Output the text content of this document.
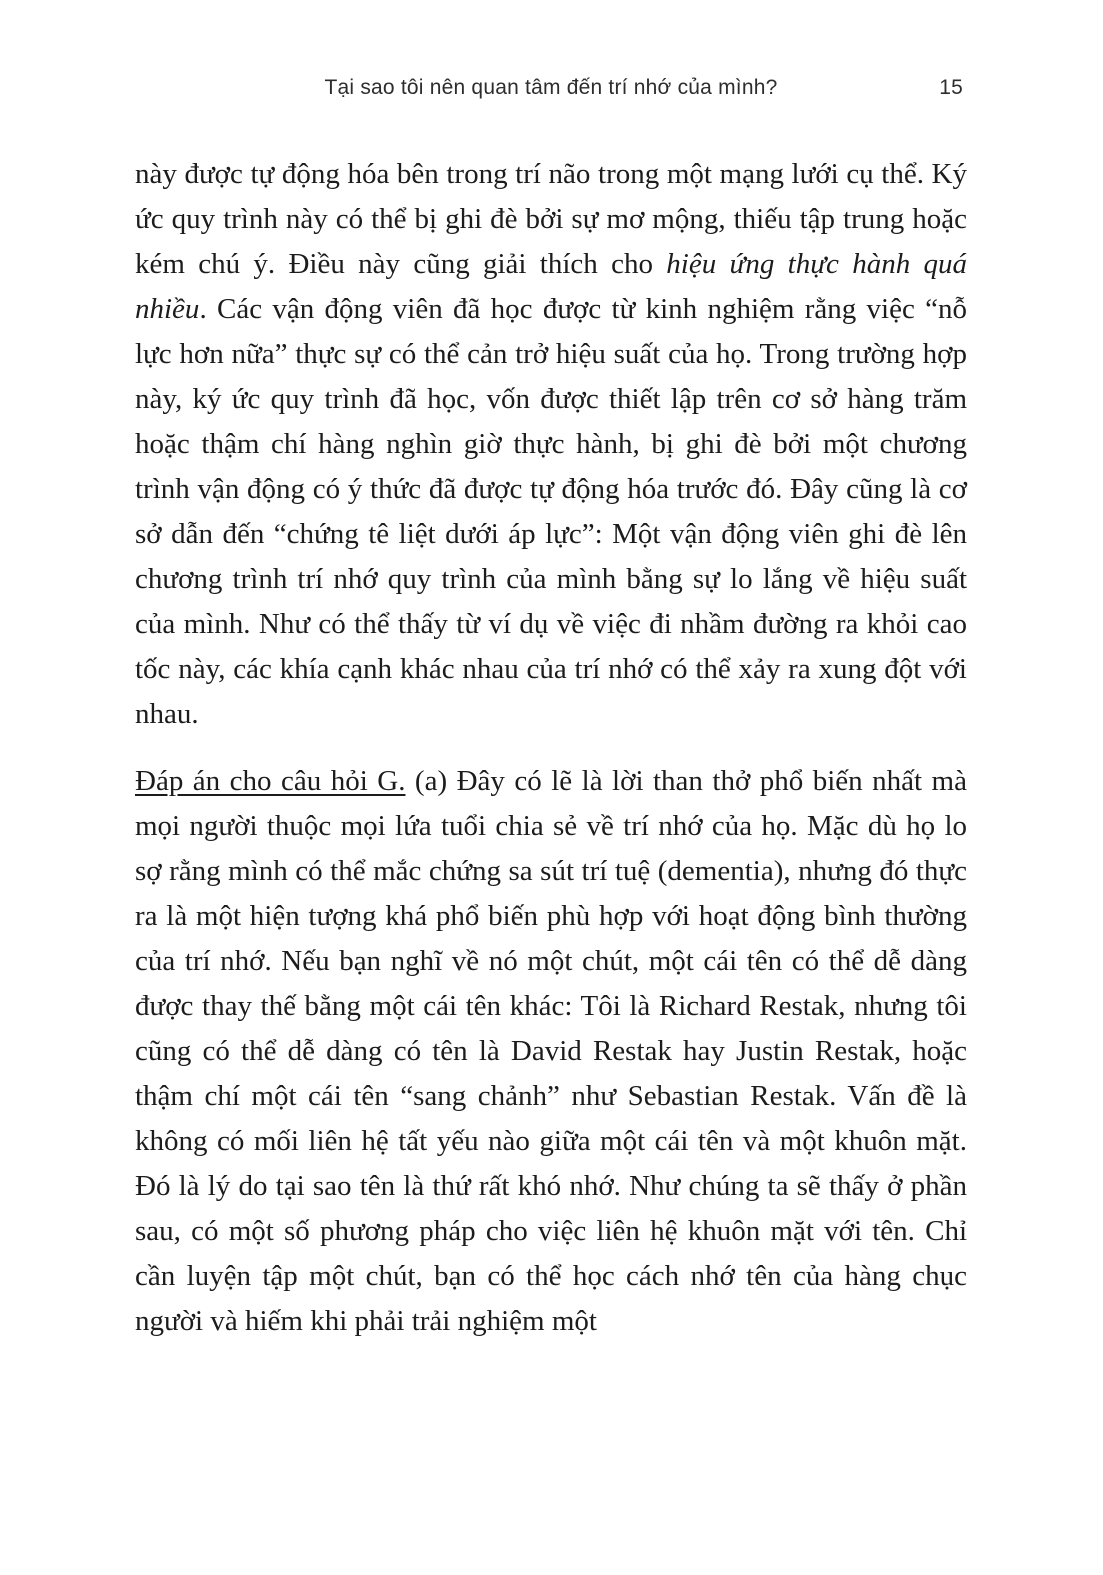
Tại sao tôi nên quan tâm đến trí nhớ của mình?	15

này được tự động hóa bên trong trí não trong một mạng lưới cụ thể. Ký ức quy trình này có thể bị ghi đè bởi sự mơ mộng, thiếu tập trung hoặc kém chú ý. Điều này cũng giải thích cho hiệu ứng thực hành quá nhiều. Các vận động viên đã học được từ kinh nghiệm rằng việc “nỗ lực hơn nữa” thực sự có thể cản trở hiệu suất của họ. Trong trường hợp này, ký ức quy trình đã học, vốn được thiết lập trên cơ sở hàng trăm hoặc thậm chí hàng nghìn giờ thực hành, bị ghi đè bởi một chương trình vận động có ý thức đã được tự động hóa trước đó. Đây cũng là cơ sở dẫn đến “chứng tê liệt dưới áp lực”: Một vận động viên ghi đè lên chương trình trí nhớ quy trình của mình bằng sự lo lắng về hiệu suất của mình. Như có thể thấy từ ví dụ về việc đi nhầm đường ra khỏi cao tốc này, các khía cạnh khác nhau của trí nhớ có thể xảy ra xung đột với nhau.

Đáp án cho câu hỏi G. (a) Đây có lẽ là lời than thở phổ biến nhất mà mọi người thuộc mọi lứa tuổi chia sẻ về trí nhớ của họ. Mặc dù họ lo sợ rằng mình có thể mắc chứng sa sút trí tuệ (dementia), nhưng đó thực ra là một hiện tượng khá phổ biến phù hợp với hoạt động bình thường của trí nhớ. Nếu bạn nghĩ về nó một chút, một cái tên có thể dễ dàng được thay thế bằng một cái tên khác: Tôi là Richard Restak, nhưng tôi cũng có thể dễ dàng có tên là David Restak hay Justin Restak, hoặc thậm chí một cái tên “sang chảnh” như Sebastian Restak. Vấn đề là không có mối liên hệ tất yếu nào giữa một cái tên và một khuôn mặt. Đó là lý do tại sao tên là thứ rất khó nhớ. Như chúng ta sẽ thấy ở phần sau, có một số phương pháp cho việc liên hệ khuôn mặt với tên. Chỉ cần luyện tập một chút, bạn có thể học cách nhớ tên của hàng chục người và hiếm khi phải trải nghiệm một
